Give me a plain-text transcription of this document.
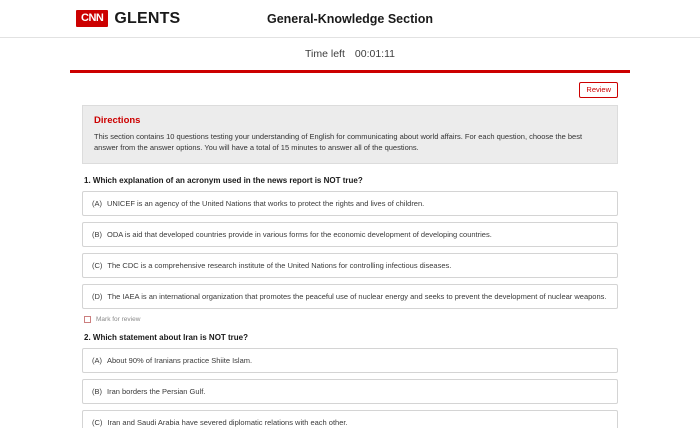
CNN GLENTS	General-Knowledge Section
Time left 00:01:11
Review
Directions
This section contains 10 questions testing your understanding of English for communicating about world affairs. For each question, choose the best answer from the answer options. You will have a total of 15 minutes to answer all of the questions.
1. Which explanation of an acronym used in the news report is NOT true?
(A) UNICEF is an agency of the United Nations that works to protect the rights and lives of children.
(B) ODA is aid that developed countries provide in various forms for the economic development of developing countries.
(C) The CDC is a comprehensive research institute of the United Nations for controlling infectious diseases.
(D) The IAEA is an international organization that promotes the peaceful use of nuclear energy and seeks to prevent the development of nuclear weapons.
Mark for review
2. Which statement about Iran is NOT true?
(A) About 90% of Iranians practice Shiite Islam.
(B) Iran borders the Persian Gulf.
(C) Iran and Saudi Arabia have severed diplomatic relations with each other.
